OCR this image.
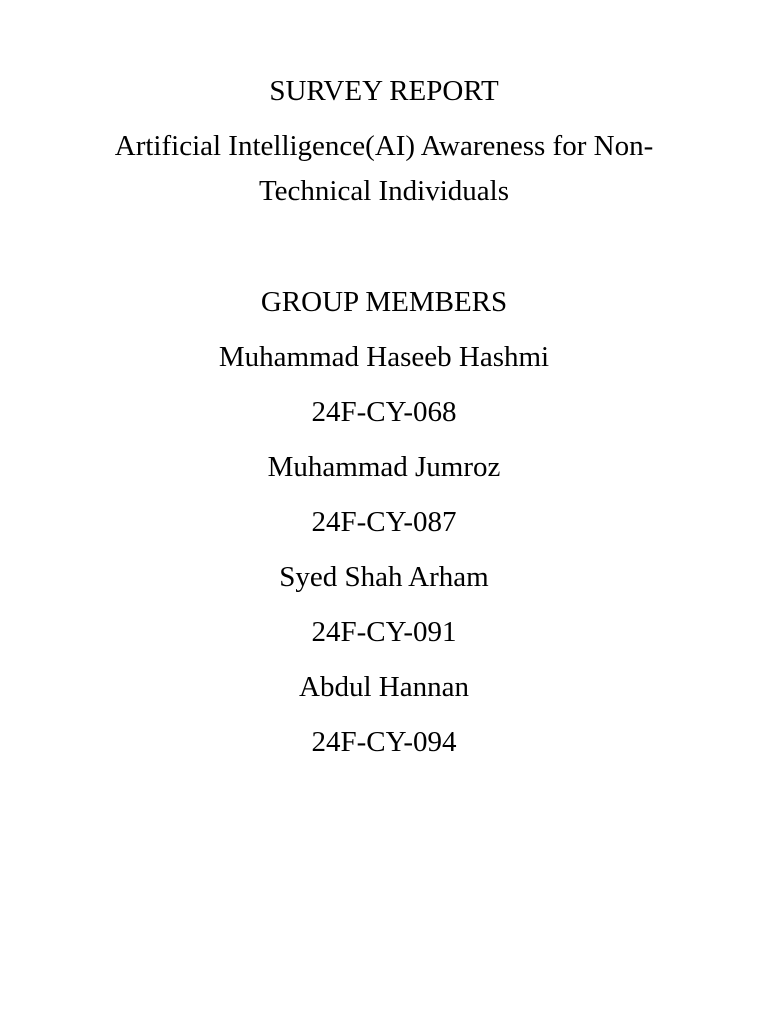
SURVEY REPORT

Artificial Intelligence(AI) Awareness for Non-

Technical Individuals

GROUP MEMBERS

Muhammad Haseeb Hashmi

24F-CY-068

Muhammad Jumroz

24F-CY-087

Syed Shah Arham

24F-CY-091

Abdul Hannan

24F-CY-094
